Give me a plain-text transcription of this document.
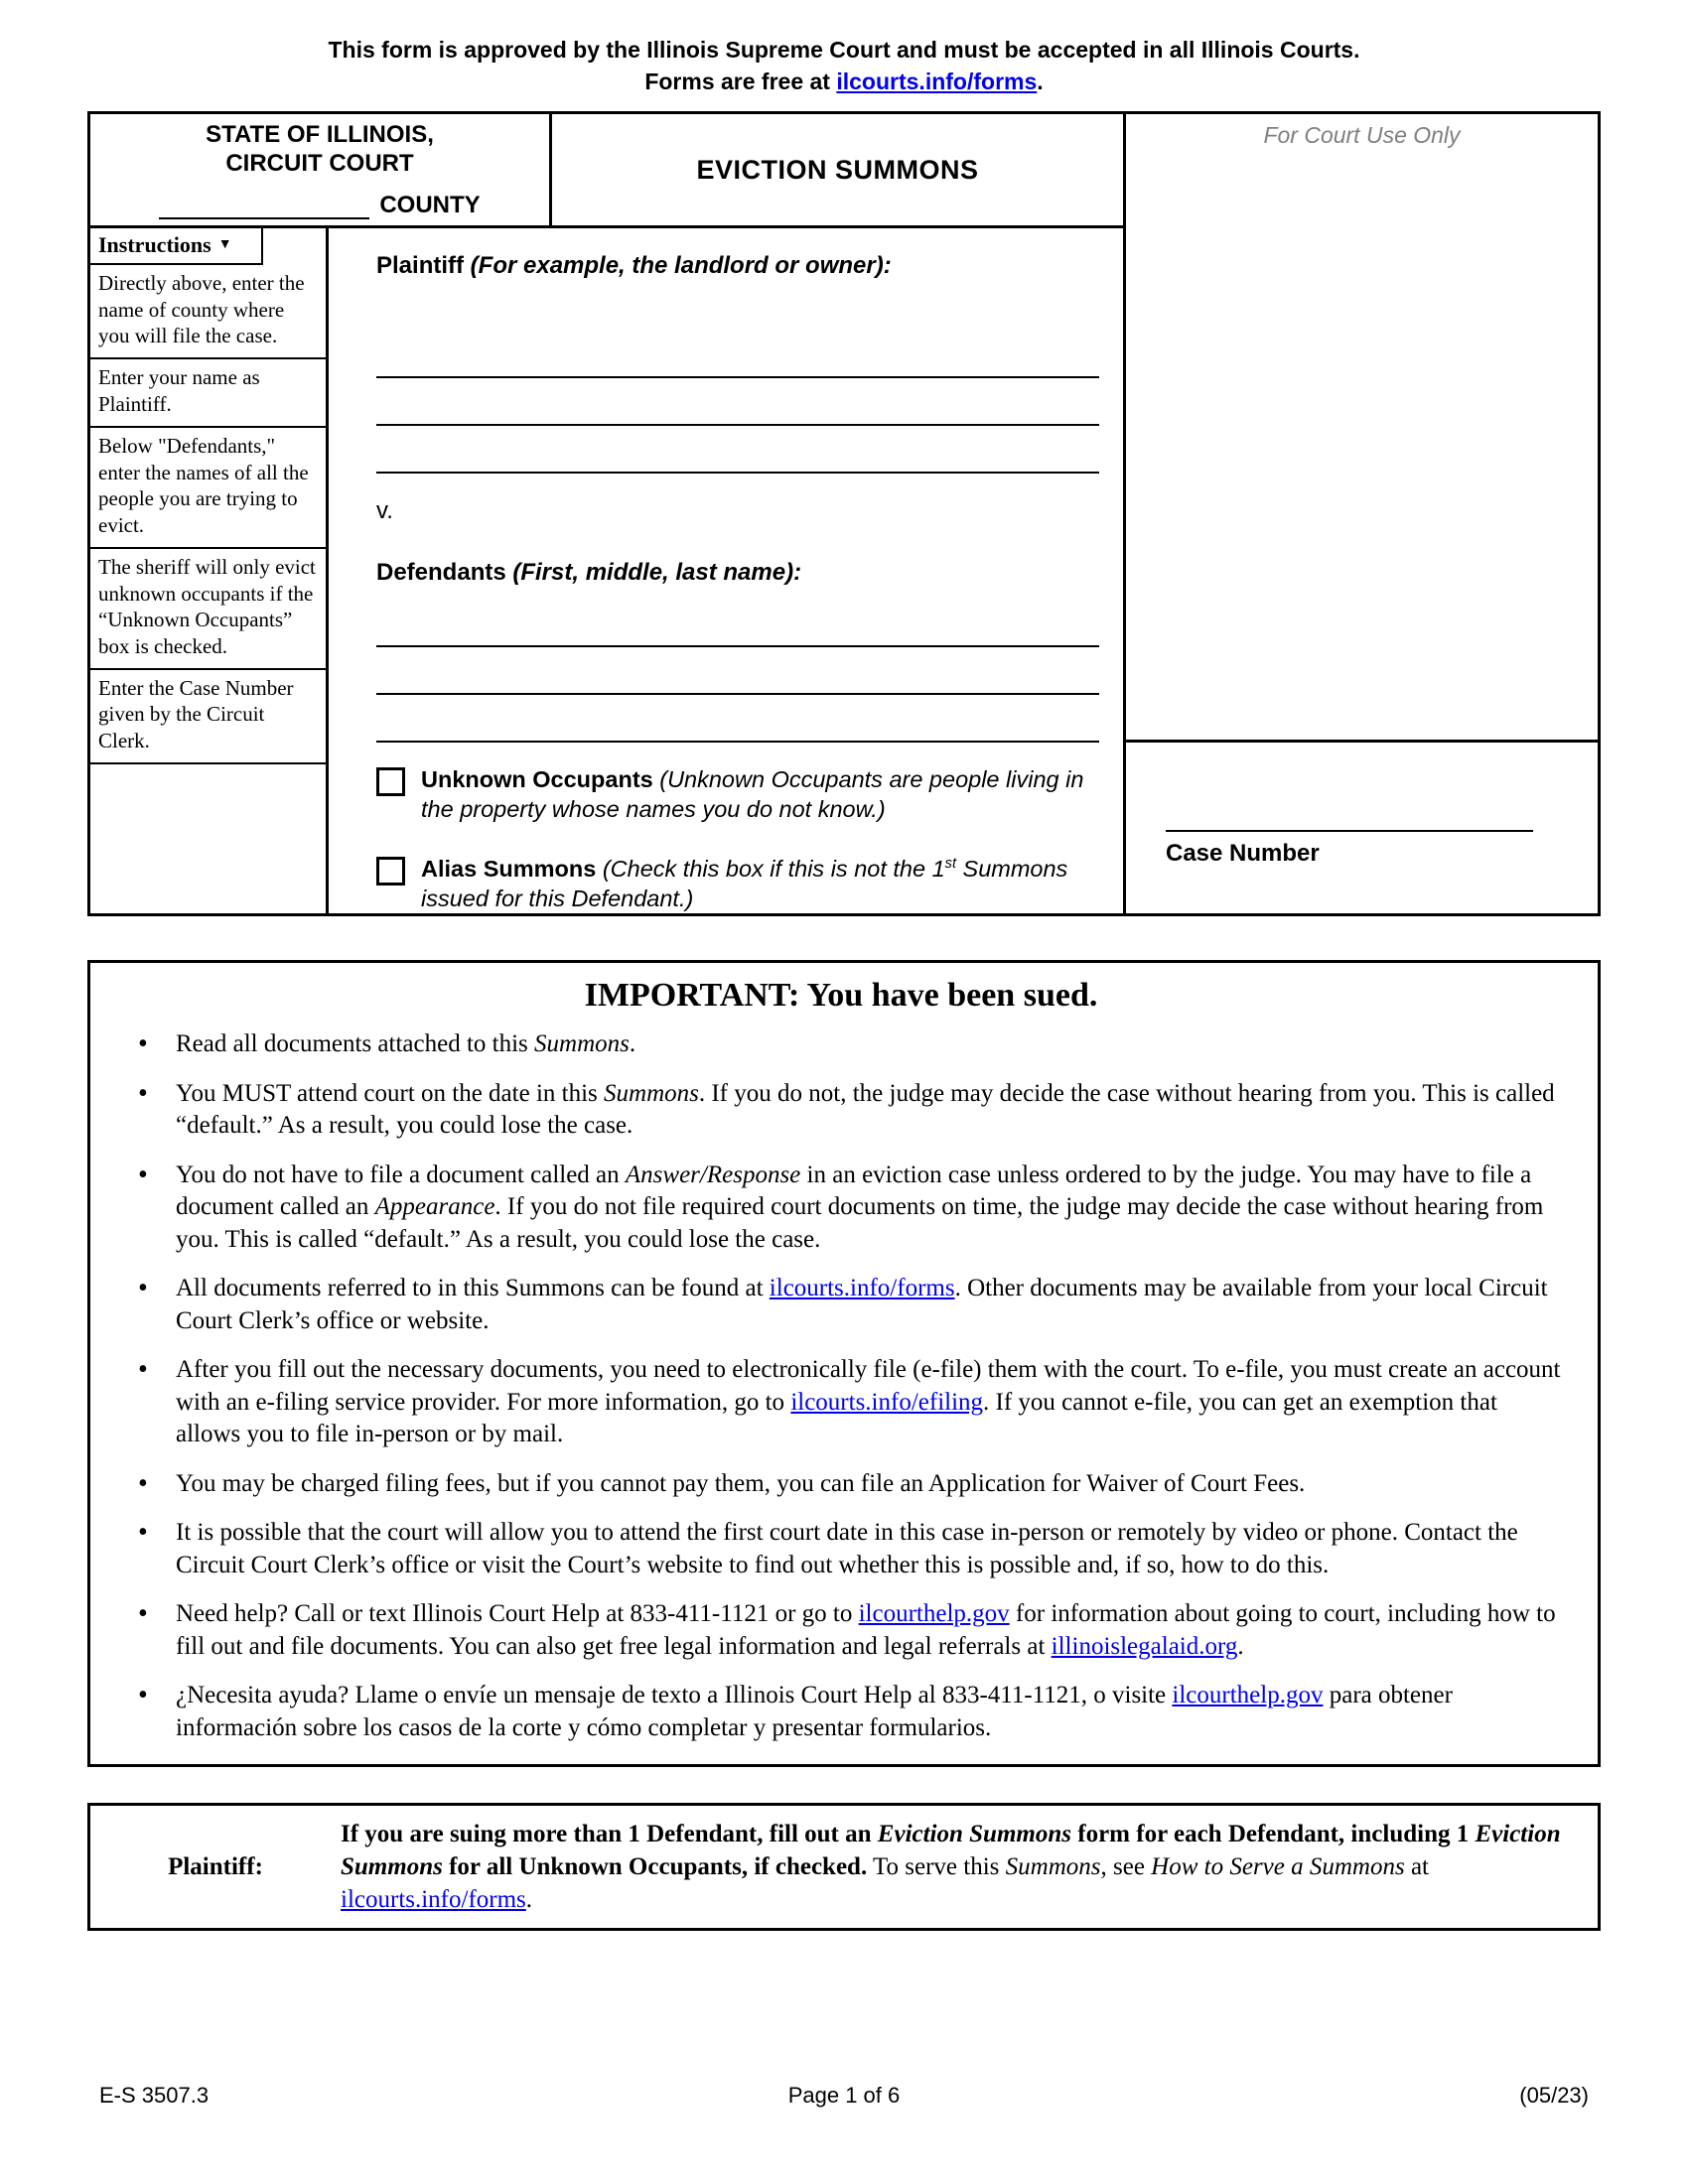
This form is approved by the Illinois Supreme Court and must be accepted in all Illinois Courts.
Forms are free at ilcourts.info/forms.
STATE OF ILLINOIS,
CIRCUIT COURT
COUNTY
EVICTION SUMMONS
Instructions ▼
Directly above, enter the name of county where you will file the case.
Enter your name as Plaintiff.
Below "Defendants," enter the names of all the people you are trying to evict.
The sheriff will only evict unknown occupants if the “Unknown Occupants” box is checked.
Enter the Case Number given by the Circuit Clerk.
Plaintiff (For example, the landlord or owner):
v.
Defendants (First, middle, last name):
Unknown Occupants (Unknown Occupants are people living in the property whose names you do not know.)
Alias Summons (Check this box if this is not the 1st Summons issued for this Defendant.)
For Court Use Only
Case Number
IMPORTANT: You have been sued.
• Read all documents attached to this Summons.
• You MUST attend court on the date in this Summons. If you do not, the judge may decide the case without hearing from you. This is called “default.” As a result, you could lose the case.
• You do not have to file a document called an Answer/Response in an eviction case unless ordered to by the judge. You may have to file a document called an Appearance. If you do not file required court documents on time, the judge may decide the case without hearing from you. This is called “default.” As a result, you could lose the case.
• All documents referred to in this Summons can be found at ilcourts.info/forms. Other documents may be available from your local Circuit Court Clerk’s office or website.
• After you fill out the necessary documents, you need to electronically file (e-file) them with the court. To e-file, you must create an account with an e-filing service provider. For more information, go to ilcourts.info/efiling. If you cannot e-file, you can get an exemption that allows you to file in-person or by mail.
• You may be charged filing fees, but if you cannot pay them, you can file an Application for Waiver of Court Fees.
• It is possible that the court will allow you to attend the first court date in this case in-person or remotely by video or phone. Contact the Circuit Court Clerk’s office or visit the Court’s website to find out whether this is possible and, if so, how to do this.
• Need help? Call or text Illinois Court Help at 833-411-1121 or go to ilcourthelp.gov for information about going to court, including how to fill out and file documents. You can also get free legal information and legal referrals at illinoislegalaid.org.
• ¿Necesita ayuda? Llame o envíe un mensaje de texto a Illinois Court Help al 833-411-1121, o visite ilcourthelp.gov para obtener información sobre los casos de la corte y cómo completar y presentar formularios.
Plaintiff:
If you are suing more than 1 Defendant, fill out an Eviction Summons form for each Defendant, including 1 Eviction Summons for all Unknown Occupants, if checked. To serve this Summons, see How to Serve a Summons at ilcourts.info/forms.
E-S 3507.3	Page 1 of 6	(05/23)
